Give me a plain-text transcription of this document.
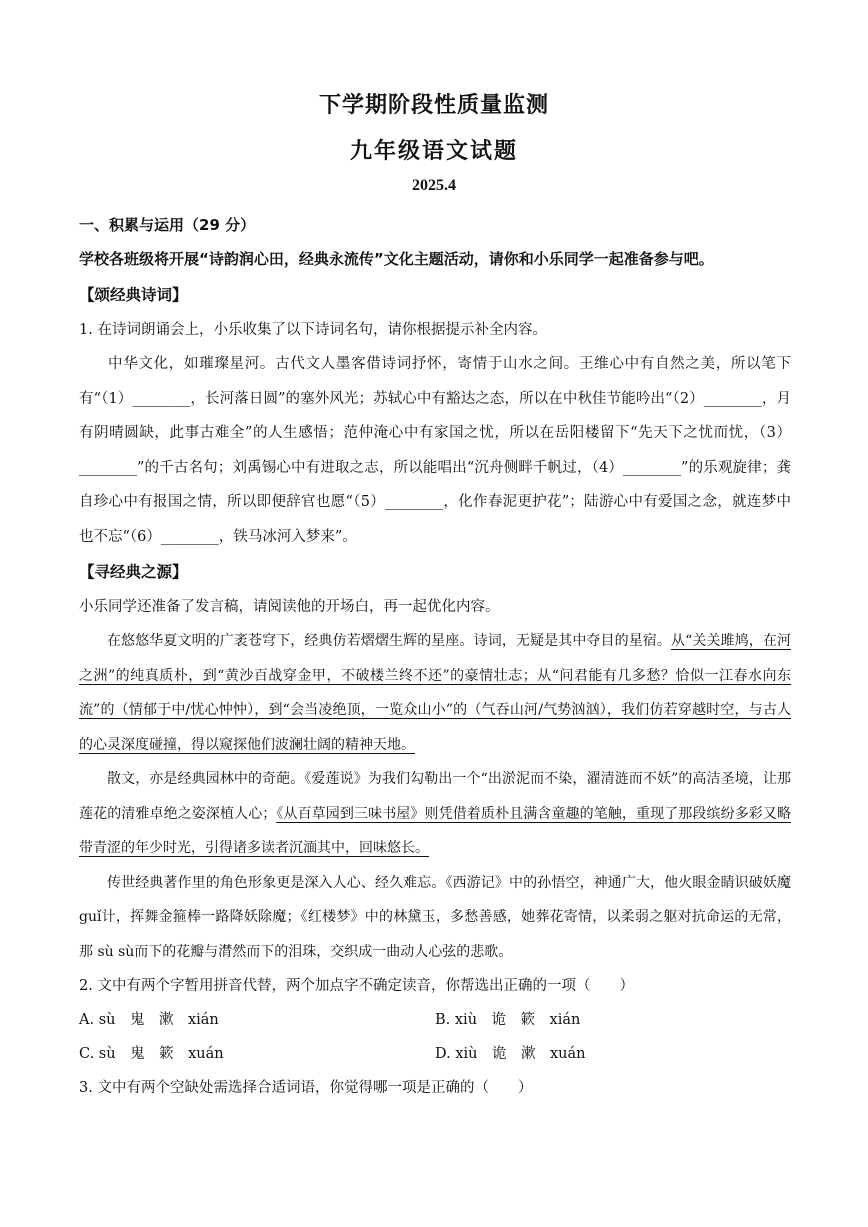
下学期阶段性质量监测
九年级语文试题
2025.4

一、积累与运用（29 分）

学校各班级将开展“诗韵润心田，经典永流传”文化主题活动，请你和小乐同学一起准备参与吧。

【颂经典诗词】

1. 在诗词朗诵会上，小乐收集了以下诗词名句，请你根据提示补全内容。

中华文化，如璀璨星河。古代文人墨客借诗词抒怀，寄情于山水之间。王维心中有自然之美，所以笔下有“（1）________，长河落日圆”的塞外风光；苏轼心中有豁达之态，所以在中秋佳节能吟出“（2）________，月有阴晴圆缺，此事古难全”的人生感悟；范仲淹心中有家国之忧，所以在岳阳楼留下“先天下之忧而忧，（3）________”的千古名句；刘禹锡心中有进取之志，所以能唱出“沉舟侧畔千帆过，（4）________”的乐观旋律；龚自珍心中有报国之情，所以即便辞官也愿“（5）________，化作春泥更护花”；陆游心中有爱国之念，就连梦中也不忘“（6）________，铁马冰河入梦来”。

【寻经典之源】

小乐同学还准备了发言稿，请阅读他的开场白，再一起优化内容。

在悠悠华夏文明的广袤苍穹下，经典仿若熠熠生辉的星座。诗词，无疑是其中夺目的星宿。从“关关雎鸠，在河之洲”的纯真质朴，到“黄沙百战穿金甲，不破楼兰终不还”的豪情壮志；从“问君能有几多愁？恰似一江春水向东流”的（情郁于中/忧心忡忡），到“会当凌绝顶，一览众山小”的（气吞山河/气势汹汹），我们仿若穿越时空，与古人的心灵深度碰撞，得以窥探他们波澜壮阔的精神天地。

散文，亦是经典园林中的奇葩。《爱莲说》为我们勾勒出一个“出淤泥而不染，濯清涟而不妖”的高洁圣境，让那莲花的清雅卓绝之姿深植人心；《从百草园到三味书屋》则凭借着质朴且满含童趣的笔触，重现了那段缤纷多彩又略带青涩的年少时光，引得诸多读者沉湎其中，回味悠长。

传世经典著作里的角色形象更是深入人心、经久难忘。《西游记》中的孙悟空，神通广大，他火眼金睛识破妖魔 guǐ计，挥舞金箍棒一路降妖除魔；《红楼梦》中的林黛玉，多愁善感，她葬花寄情，以柔弱之躯对抗命运的无常，那 sù sù而下的花瓣与潸然而下的泪珠，交织成一曲动人心弦的悲歌。

2. 文中有两个字暂用拼音代替，两个加点字不确定读音，你帮选出正确的一项（　　）

A. sù　鬼　漱　xián	B. xiù　诡　簌　xián
C. sù　鬼　簌　xuán	D. xiù　诡　漱　xuán

3. 文中有两个空缺处需选择合适词语，你觉得哪一项是正确的（　　）
